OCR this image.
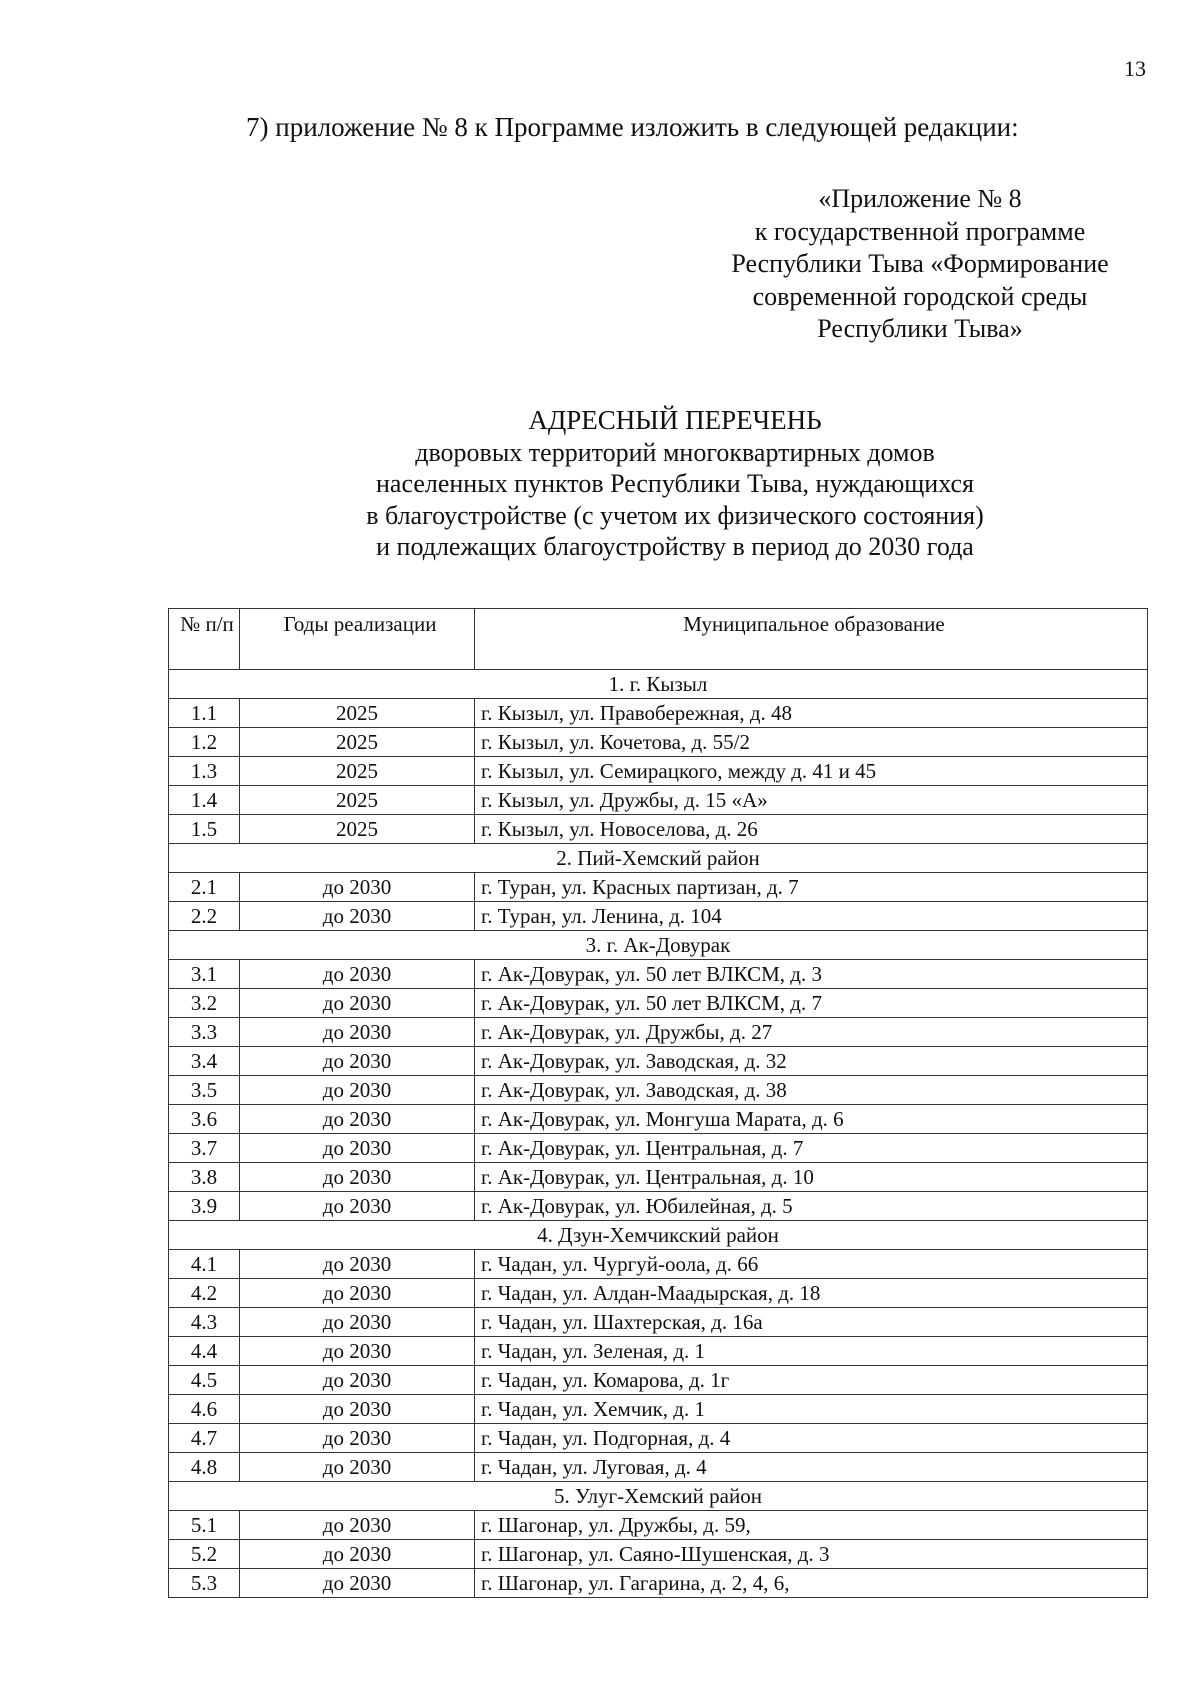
13
7) приложение № 8 к Программе изложить в следующей редакции:
«Приложение № 8
к государственной программе
Республики Тыва «Формирование
современной городской среды
Республики Тыва»
АДРЕСНЫЙ ПЕРЕЧЕНЬ
дворовых территорий многоквартирных домов
населенных пунктов Республики Тыва, нуждающихся
в благоустройстве (с учетом их физического состояния)
и подлежащих благоустройству в период до 2030 года
№ п/п	Годы реализации	Муниципальное образование
1. г. Кызыл		
1.1	2025	г. Кызыл, ул. Правобережная, д. 48
1.2	2025	г. Кызыл, ул. Кочетова, д. 55/2
1.3	2025	г. Кызыл, ул. Семирацкого, между д. 41 и 45
1.4	2025	г. Кызыл, ул. Дружбы, д. 15 «А»
1.5	2025	г. Кызыл, ул. Новоселова, д. 26
2. Пий-Хемский район		
2.1	до 2030	г. Туран, ул. Красных партизан, д. 7
2.2	до 2030	г. Туран, ул. Ленина, д. 104
3. г. Ак-Довурак		
3.1	до 2030	г. Ак-Довурак, ул. 50 лет ВЛКСМ, д. 3
3.2	до 2030	г. Ак-Довурак, ул. 50 лет ВЛКСМ, д. 7
3.3	до 2030	г. Ак-Довурак, ул. Дружбы, д. 27
3.4	до 2030	г. Ак-Довурак, ул. Заводская, д. 32
3.5	до 2030	г. Ак-Довурак, ул. Заводская, д. 38
3.6	до 2030	г. Ак-Довурак, ул. Монгуша Марата, д. 6
3.7	до 2030	г. Ак-Довурак, ул. Центральная, д. 7
3.8	до 2030	г. Ак-Довурак, ул. Центральная, д. 10
3.9	до 2030	г. Ак-Довурак, ул. Юбилейная, д. 5
4. Дзун-Хемчикский район		
4.1	до 2030	г. Чадан, ул. Чургуй-оола, д. 66
4.2	до 2030	г. Чадан, ул. Алдан-Маадырская, д. 18
4.3	до 2030	г. Чадан, ул. Шахтерская, д. 16а
4.4	до 2030	г. Чадан, ул. Зеленая, д. 1
4.5	до 2030	г. Чадан, ул. Комарова, д. 1г
4.6	до 2030	г. Чадан, ул. Хемчик, д. 1
4.7	до 2030	г. Чадан, ул. Подгорная, д. 4
4.8	до 2030	г. Чадан, ул. Луговая, д. 4
5. Улуг-Хемский район		
5.1	до 2030	г. Шагонар, ул. Дружбы, д. 59,
5.2	до 2030	г. Шагонар, ул. Саяно-Шушенская, д. 3
5.3	до 2030	г. Шагонар, ул. Гагарина, д. 2, 4, 6,
